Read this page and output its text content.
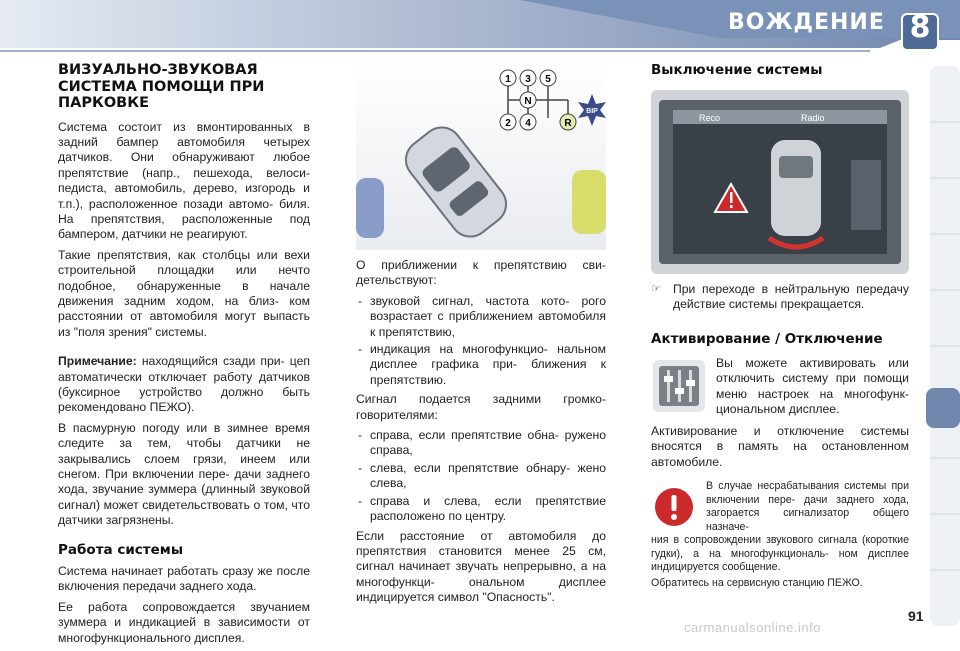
ВОЖДЕНИЕ 8
ВИЗУАЛЬНО-ЗВУКОВАЯ СИСТЕМА ПОМОЩИ ПРИ ПАРКОВКЕ

Система состоит из вмонтированных в задний бампер автомобиля четырех датчиков. Они обнаруживают любое препятствие (напр., пешехода, велоси- педиста, автомобиль, дерево, изгородь и т.п.), расположенное позади автомо- биля. На препятствия, расположенные под бампером, датчики не реагируют.

Такие препятствия, как столбцы или вехи строительной площадки или нечто подобное, обнаруженные в начале движения задним ходом, на близ- ком расстоянии от автомобиля могут выпасть из "поля зрения" системы.

Примечание: находящийся сзади при- цеп автоматически отключает работу датчиков (буксирное устройство должно быть рекомендовано ПЕЖО).

В пасмурную погоду или в зимнее время следите за тем, чтобы датчики не закрывались слоем грязи, инеем или снегом. При включении пере- дачи заднего хода, звучание зуммера (длинный звуковой сигнал) может свидетельствовать о том, что датчики загрязнены.

Работа системы

Система начинает работать сразу же после включения передачи заднего хода.

Ее работа сопровождается звучанием зуммера и индикацией в зависимости от многофункционального дисплея.

1 3 5
N
2 4	R
BIP

О приближении к препятствию сви- детельствуют:

- звуковой сигнал, частота кото- рого возрастает с приближением автомобиля к препятствию,
- индикация на многофункцио- нальном дисплее графика при- ближения к препятствию.

Сигнал подается задними громко- говорителями:

- справа, если препятствие обна- ружено справа,
- слева, если препятствие обнару- жено слева,
- справа и слева, если препятствие расположено по центру.

Если расстояние от автомобиля до препятствия становится менее 25 см, сигнал начинает звучать непрерывно, а на многофункци- ональном дисплее индицируется символ "Опасность".

Выключение системы
Reco	Radio
☞ При переходе в нейтральную передачу действие системы прекращается.
Активирование / Отключение
Вы можете активировать или отключить систему при помощи меню настроек на многофунк- циональном дисплее.
Активирование и отключение системы вносятся в память на остановленном автомобиле.
В случае несрабатывания системы при включении пере- дачи заднего хода, загорается сигнализатор общего назначе-
ния в сопровождении звукового сигнала (короткие гудки), а на многофункциональ- ном дисплее индицируется сообщение.
Обратитесь на сервисную станцию ПЕЖО.
91
carmanualsonline.info
